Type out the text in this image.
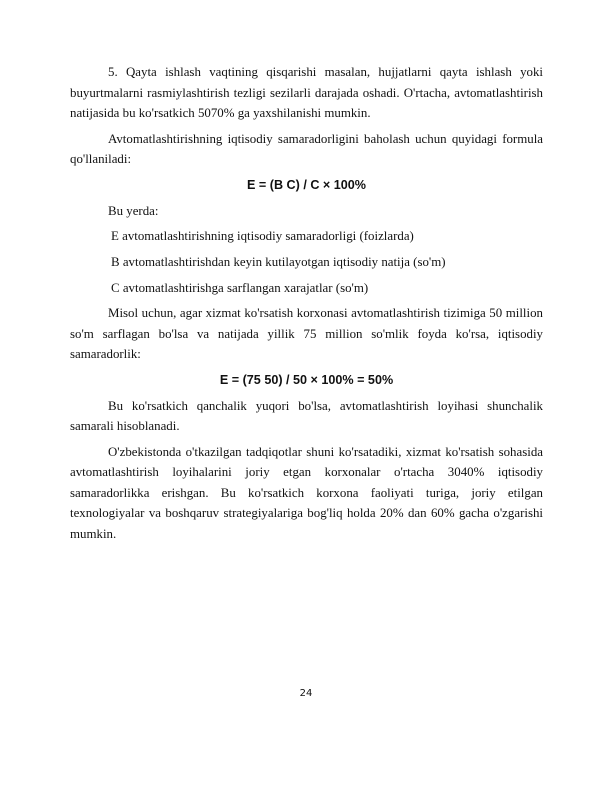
5. Qayta ishlash vaqtining qisqarishi masalan, hujjatlarni qayta ishlash yoki buyurtmalarni rasmiylashtirish tezligi sezilarli darajada oshadi. O'rtacha, avtomatlashtirish natijasida bu ko'rsatkich 5070% ga yaxshilanishi mumkin.

Avtomatlashtirishning iqtisodiy samaradorligini baholash uchun quyidagi formula qo'llaniladi:

E = (B C) / C × 100%
Bu yerda:
E avtomatlashtirishning iqtisodiy samaradorligi (foizlarda)
B avtomatlashtirishdan keyin kutilayotgan iqtisodiy natija (so'm)
C avtomatlashtirishga sarflangan xarajatlar (so'm)

Misol uchun, agar xizmat ko'rsatish korxonasi avtomatlashtirish tizimiga 50 million so'm sarflagan bo'lsa va natijada yillik 75 million so'mlik foyda ko'rsa, iqtisodiy samaradorlik:

E = (75 50) / 50 × 100% = 50%

Bu ko'rsatkich qanchalik yuqori bo'lsa, avtomatlashtirish loyihasi shunchalik samarali hisoblanadi.

O'zbekistonda o'tkazilgan tadqiqotlar shuni ko'rsatadiki, xizmat ko'rsatish sohasida avtomatlashtirish loyihalarini joriy etgan korxonalar o'rtacha 3040% iqtisodiy samaradorlikka erishgan. Bu ko'rsatkich korxona faoliyati turiga, joriy etilgan texnologiyalar va boshqaruv strategiyalariga bog'liq holda 20% dan 60% gacha o'zgarishi mumkin.

24
